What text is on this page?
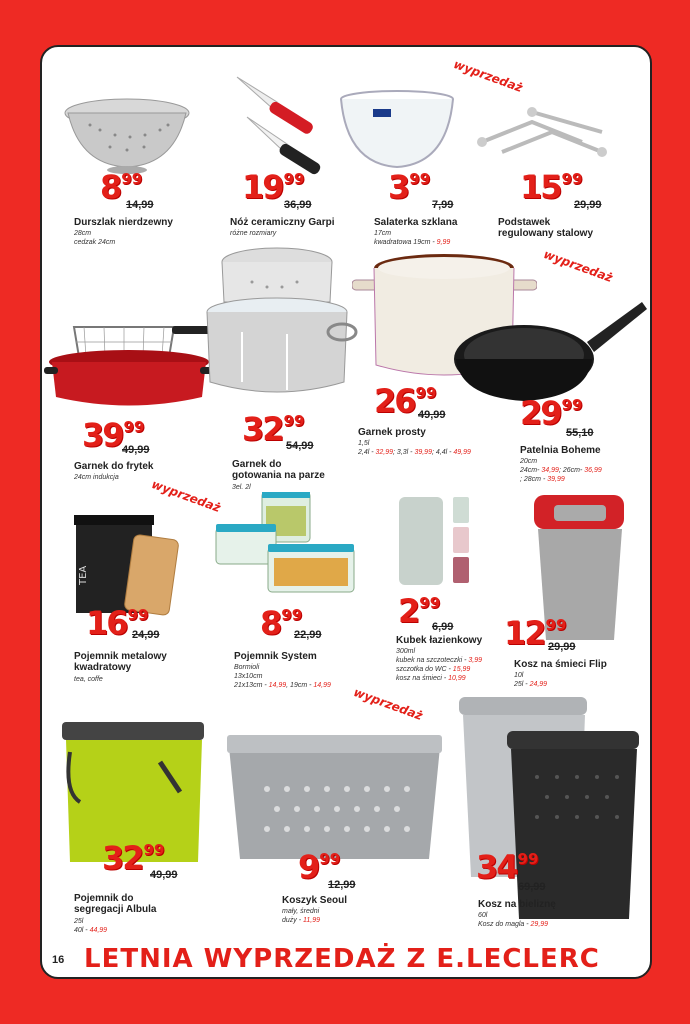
wyprzedaż
wyprzedaż
wyprzedaż
wyprzedaż
$8^{99}$
14,99
Durszlak nierdzewny
28cm
cedzak 24cm
$19^{99}$
36,99
Nóż ceramiczny Garpi
różne rozmiary
$3^{99}$
7,99
Salaterka szklana
17cm
kwadratowa 19cm - 9,99
$15^{99}$
29,99
Podstawek regulowany stalowy
$39^{99}$
49,99
Garnek do frytek
24cm indukcja
$32^{99}$
54,99
Garnek do gotowania na parze
3el. 2l
$26^{99}$
49,99
Garnek prosty
1,5l
2,4l - 32,99; 3,3l - 39,99; 4,4l - 49,99
$29^{99}$
55,10
Patelnia Boheme
20cm
24cm- 34,99; 26cm- 36,99
; 28cm - 39,99
TEA
$16^{99}$
24,99
Pojemnik metalowy kwadratowy
tea, coffe
$8^{99}$
22,99
Pojemnik System
Bormioli
13x10cm
21x13cm - 14,99, 19cm - 14,99
$2^{99}$
6,99
Kubek łazienkowy
300ml
kubek na szczoteczki - 3,99
szczotka do WC - 15,99
kosz na śmieci - 10,99
$12^{99}$
29,99
Kosz na śmieci Flip
10l
25l - 24,99
$32^{99}$
49,99
Pojemnik do segregacji Albula
25l
40l - 44,99
$9^{99}$
12,99
Koszyk Seoul
mały, średni
duży - 11,99
$34^{99}$
69,99
Kosz na bieliznę
60l
Kosz do magla - 29,99
16 LETNIA WYPRZEDAŻ Z E.LECLERC
